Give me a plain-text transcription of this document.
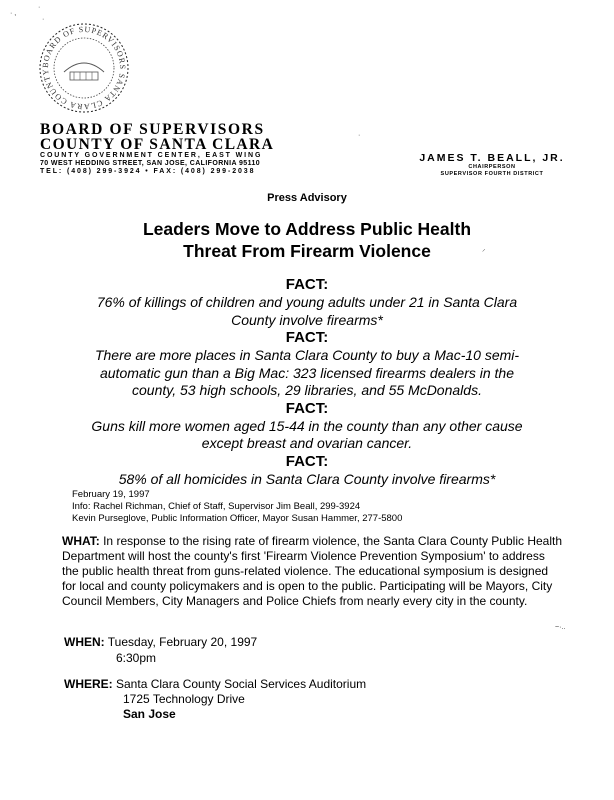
BOARD OF SUPERVISORS SANTA CLARA COUNTY
· ,
·
·
·
⸝
~·..
BOARD OF SUPERVISORS
COUNTY OF SANTA CLARA
COUNTY GOVERNMENT CENTER, EAST WING
70 WEST HEDDING STREET, SAN JOSE, CALIFORNIA 95110
TEL: (408) 299-3924 • FAX: (408) 299-2038
JAMES T. BEALL, JR.
CHAIRPERSON
SUPERVISOR FOURTH DISTRICT
Press Advisory
Leaders Move to Address Public Health
Threat From Firearm Violence
FACT:
76% of killings of children and young adults under 21 in Santa Clara
County involve firearms*
FACT:
There are more places in Santa Clara County to buy a Mac-10 semi-
automatic gun than a Big Mac: 323 licensed firearms dealers in the
county, 53 high schools, 29 libraries, and 55 McDonalds.
FACT:
Guns kill more women aged 15-44 in the county than any other cause
except breast and ovarian cancer.
FACT:
58% of all homicides in Santa Clara County involve firearms*
February 19, 1997
Info: Rachel Richman, Chief of Staff, Supervisor Jim Beall, 299-3924
Kevin Purseglove, Public Information Officer, Mayor Susan Hammer, 277-5800
WHAT: In response to the rising rate of firearm violence, the Santa Clara County Public Health Department will host the county's first 'Firearm Violence Prevention Symposium' to address the public health threat from guns-related violence. The educational symposium is designed for local and county policymakers and is open to the public. Participating will be Mayors, City Council Members, City Managers and Police Chiefs from nearly every city in the county.
WHEN: Tuesday, February 20, 1997
6:30pm
WHERE: Santa Clara County Social Services Auditorium
1725 Technology Drive
San Jose
